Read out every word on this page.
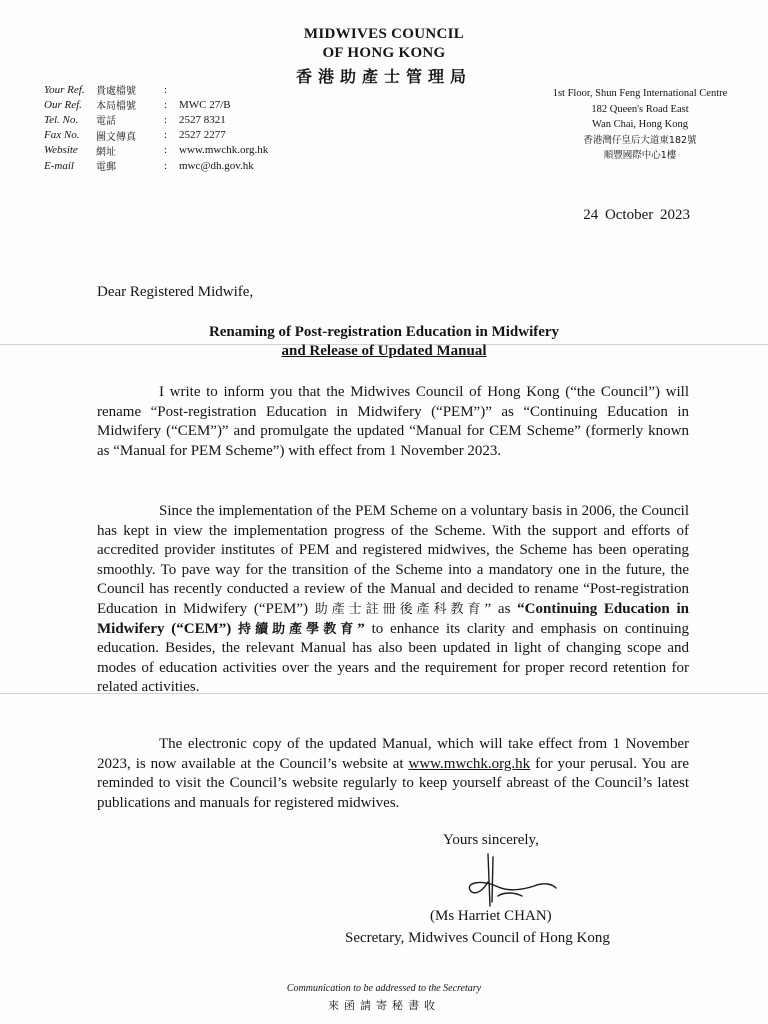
MIDWIVES COUNCIL
OF HONG KONG
香港助產士管理局
Your Ref.	貴處檔號	:
Our Ref.	本局檔號	:	MWC 27/B
Tel. No.	電話	:	2527 8321
Fax No.	圖文傳真	:	2527 2277
Website	網址	:	www.mwchk.org.hk
E-mail	電郵	:	mwc@dh.gov.hk
1st Floor, Shun Feng International Centre
182 Queen's Road East
Wan Chai, Hong Kong
香港灣仔皇后大道東182號
順豐國際中心1樓
24 October 2023
Dear Registered Midwife,
Renaming of Post-registration Education in Midwifery
and Release of Updated Manual
I write to inform you that the Midwives Council of Hong Kong (“the Council”) will rename “Post-registration Education in Midwifery (“PEM”)” as “Continuing Education in Midwifery (“CEM”)” and promulgate the updated “Manual for CEM Scheme” (formerly known as “Manual for PEM Scheme”) with effect from 1 November 2023.
Since the implementation of the PEM Scheme on a voluntary basis in 2006, the Council has kept in view the implementation progress of the Scheme. With the support and efforts of accredited provider institutes of PEM and registered midwives, the Scheme has been operating smoothly. To pave way for the transition of the Scheme into a mandatory one in the future, the Council has recently conducted a review of the Manual and decided to rename “Post-registration Education in Midwifery (“PEM”) 助產士註冊後產科教育” as “Continuing Education in Midwifery (“CEM”) 持續助產學教育” to enhance its clarity and emphasis on continuing education. Besides, the relevant Manual has also been updated in light of changing scope and modes of education activities over the years and the requirement for proper record retention for related activities.
The electronic copy of the updated Manual, which will take effect from 1 November 2023, is now available at the Council’s website at www.mwchk.org.hk for your perusal. You are reminded to visit the Council’s website regularly to keep yourself abreast of the Council’s latest publications and manuals for registered midwives.
Yours sincerely,
(Ms Harriet CHAN)
Secretary, Midwives Council of Hong Kong
Communication to be addressed to the Secretary
來函請寄秘書收
